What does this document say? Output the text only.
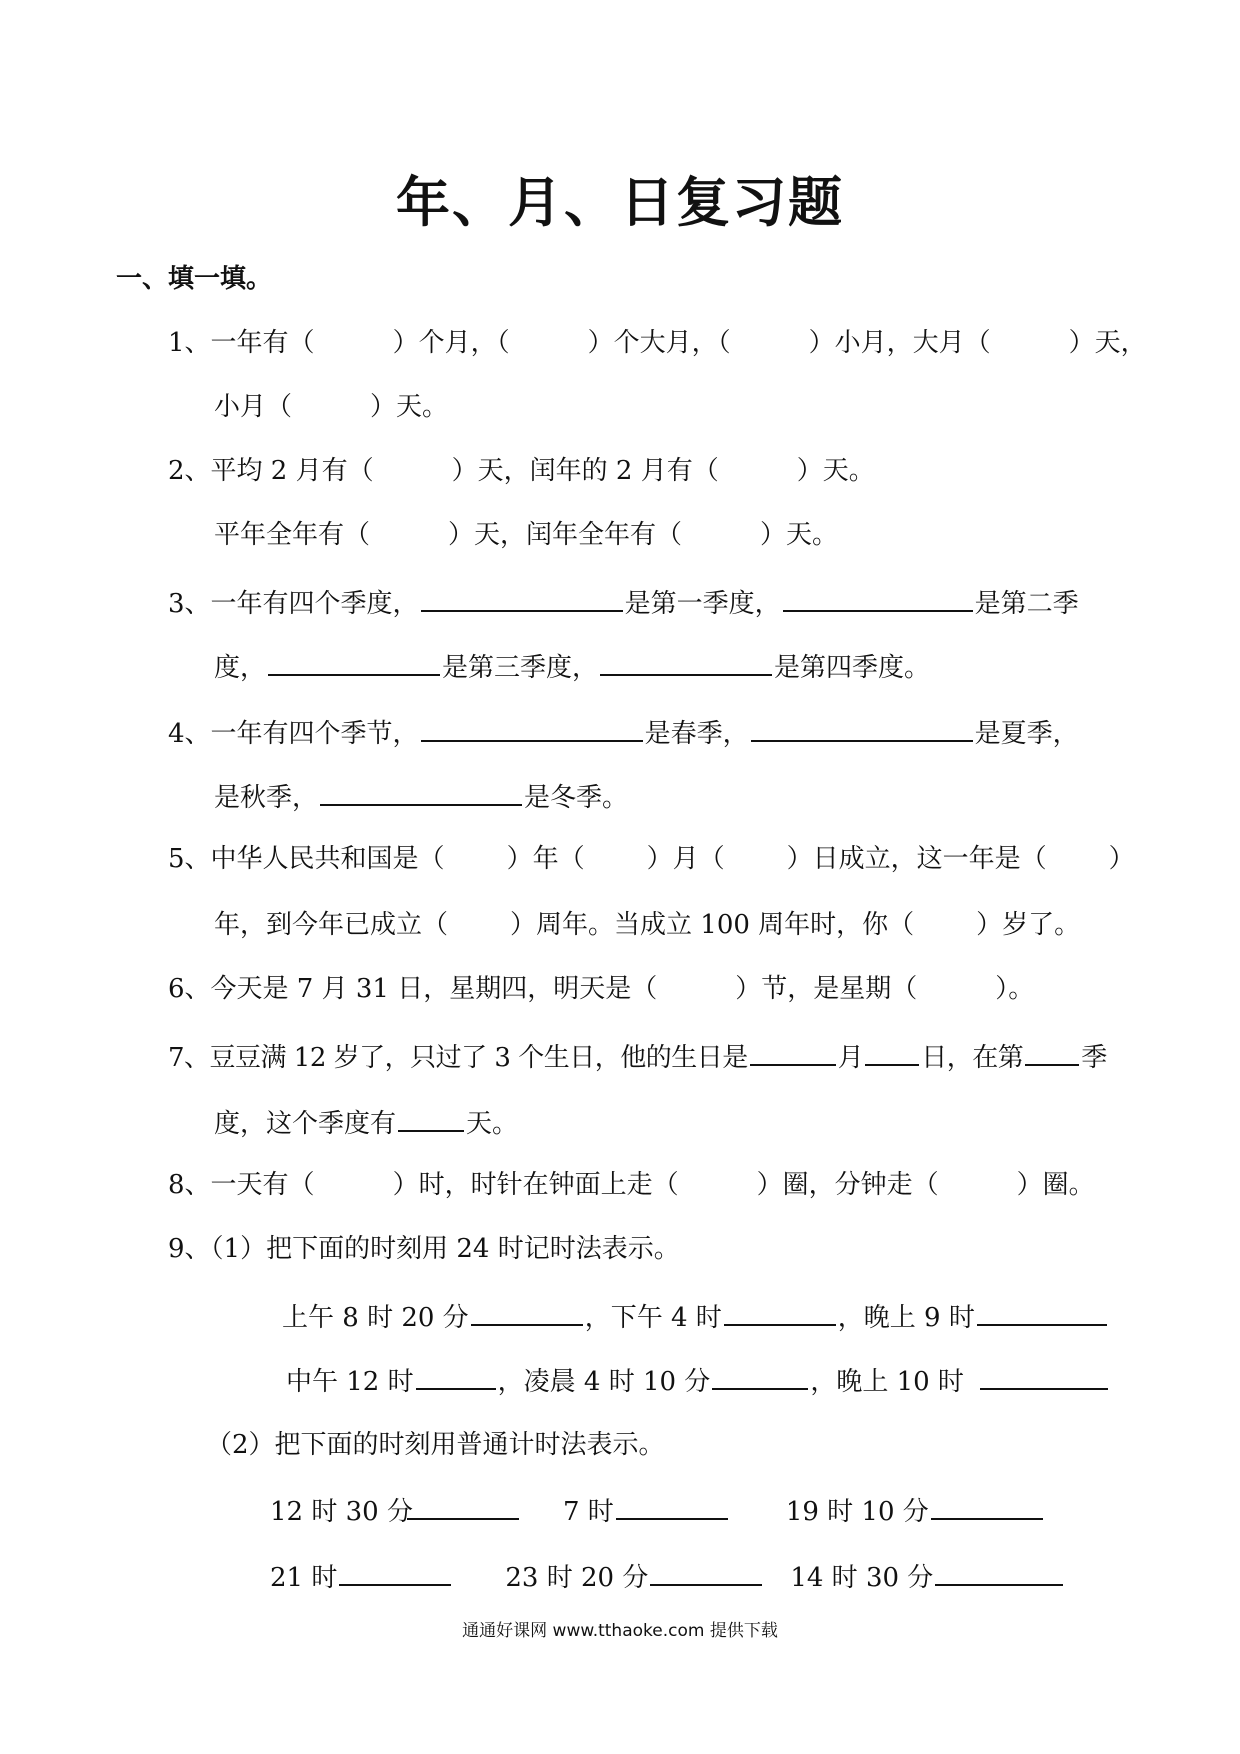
年、月、日复习题
一、填一填。
1、一年有（	）个月，（	）个大月，（	）小月，大月（	）天，
小月（	）天。
2、平均 2 月有（	）天，闰年的 2 月有（	）天。
平年全年有（	）天，闰年全年有（	）天。
3、一年有四个季度，	是第一季度，	是第二季
度，	是第三季度，	是第四季度。
4、一年有四个季节，	是春季，	是夏季，
是秋季，	是冬季。
5、中华人民共和国是（ ）年（ ）月（ ）日成立，这一年是（ ）
年，到今年已成立（ ）周年。当成立 100 周年时，你（ ）岁了。
6、今天是 7 月 31 日，星期四，明天是（	）节，是星期（	）。
7、豆豆满 12 岁了，只过了 3 个生日，他的生日是	月 日，在第 季
度，这个季度有	天。
8、一天有（	）时，时针在钟面上走（	）圈，分钟走（	）圈。
9、（1）把下面的时刻用 24 时记时法表示。
上午 8 时 20 分	，下午 4 时	，晚上 9 时
中午 12 时	，凌晨 4 时 10 分	，晚上 10 时
（2）把下面的时刻用普通计时法表示。
12 时 30 分	7 时	19 时 10 分
21 时	23 时 20 分	14 时 30 分
通通好课网 www.tthaoke.com 提供下载
